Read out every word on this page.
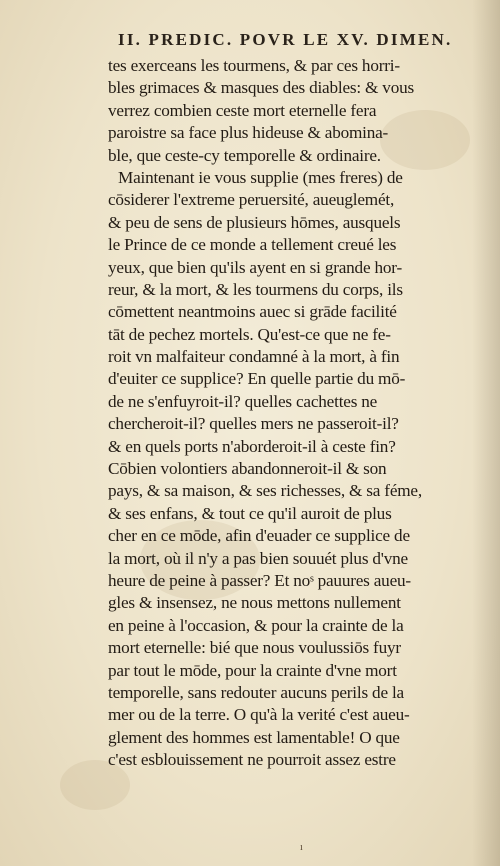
II. PREDIC. POVR LE XV. DIMEN.
tes exerceans les tourmens, & par ces horri-
bles grimaces & masques des diables: & vous
verrez combien ceste mort eternelle fera
paroistre sa face plus hideuse & abomina-
ble, que ceste-cy temporelle & ordinaire.
Maintenant ie vous supplie (mes freres) de
cōsiderer l'extreme peruersité, aueuglemét,
& peu de sens de plusieurs hōmes, ausquels
le Prince de ce monde a tellement creué les
yeux, que bien qu'ils ayent en si grande hor-
reur, & la mort, & les tourmens du corps, ils
cōmettent neantmoins auec si grāde facilité
tāt de pechez mortels. Qu'est-ce que ne fe-
roit vn malfaiteur condamné à la mort, à fin
d'euiter ce supplice? En quelle partie du mō-
de ne s'enfuyroit-il? quelles cachettes ne
chercheroit-il? quelles mers ne passeroit-il?
& en quels ports n'aborderoit-il à ceste fin?
Cōbien volontiers abandonneroit-il & son
pays, & sa maison, & ses richesses, & sa féme,
& ses enfans, & tout ce qu'il auroit de plus
cher en ce mōde, afin d'euader ce supplice de
la mort, où il n'y a pas bien souuét plus d'vne
heure de peine à passer? Et noˢ pauures aueu-
gles & insensez, ne nous mettons nullement
en peine à l'occasion, & pour la crainte de la
mort eternelle: bié que nous voulussiōs fuyr
par tout le mōde, pour la crainte d'vne mort
temporelle, sans redouter aucuns perils de la
mer ou de la terre. O qu'à la verité c'est aueu-
glement des hommes est lamentable! O que
c'est esblouissement ne pourroit assez estre
ı
